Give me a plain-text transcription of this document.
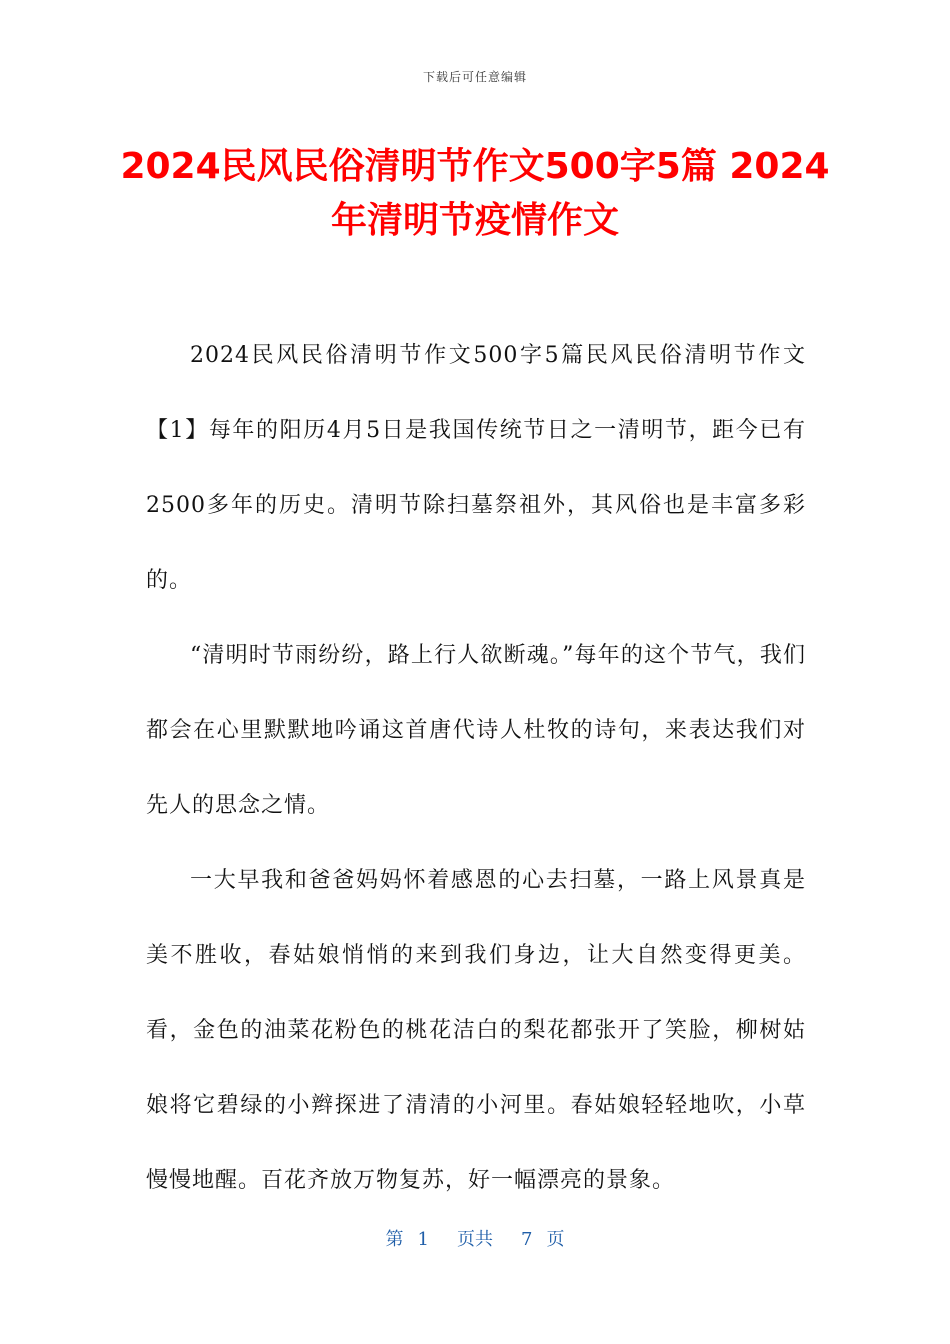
下载后可任意编辑
2024民风民俗清明节作文500字5篇 2024年清明节疫情作文

2024民风民俗清明节作文500字5篇民风民俗清明节作文【1】每年的阳历4月5日是我国传统节日之一清明节，距今已有2500多年的历史。清明节除扫墓祭祖外，其风俗也是丰富多彩的。

“清明时节雨纷纷，路上行人欲断魂。”每年的这个节气，我们都会在心里默默地吟诵这首唐代诗人杜牧的诗句，来表达我们对先人的思念之情。

一大早我和爸爸妈妈怀着感恩的心去扫墓，一路上风景真是美不胜收，春姑娘悄悄的来到我们身边，让大自然变得更美。看，金色的油菜花粉色的桃花洁白的梨花都张开了笑脸，柳树姑娘将它碧绿的小辫探进了清清的小河里。春姑娘轻轻地吹，小草慢慢地醒。百花齐放万物复苏，好一幅漂亮的景象。

第 1 页共 7 页
